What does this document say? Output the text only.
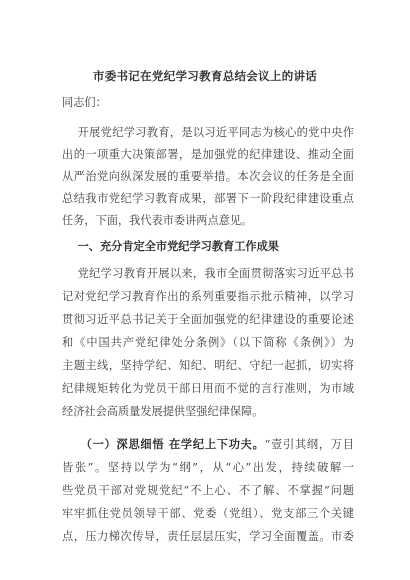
市委书记在党纪学习教育总结会议上的讲话
同志们：
开展党纪学习教育，是以习近平同志为核心的党中央作
出的一项重大决策部署，是加强党的纪律建设、推动全面
从严治党向纵深发展的重要举措。本次会议的任务是全面
总结我市党纪学习教育成果，部署下一阶段纪律建设重点
任务，下面，我代表市委讲两点意见。
一、充分肯定全市党纪学习教育工作成果
党纪学习教育开展以来，我市全面贯彻落实习近平总书
记对党纪学习教育作出的系列重要指示批示精神，以学习
贯彻习近平总书记关于全面加强党的纪律建设的重要论述
和《中国共产党纪律处分条例》（以下简称《条例》）为
主题主线，坚持学纪、知纪、明纪、守纪一起抓，切实将
纪律规矩转化为党员干部日用而不觉的言行准则，为市域
经济社会高质量发展提供坚强纪律保障。
（一）深思细悟 在学纪上下功夫。“壹引其纲，万目
皆张”。坚持以学为“纲”，从“心”出发，持续破解一
些党员干部对党规党纪“不上心、不了解、不掌握”问题
牢牢抓住党员领导干部、党委（党组）、党支部三个关键
点，压力梯次传导，责任层层压实，学习全面覆盖。市委
